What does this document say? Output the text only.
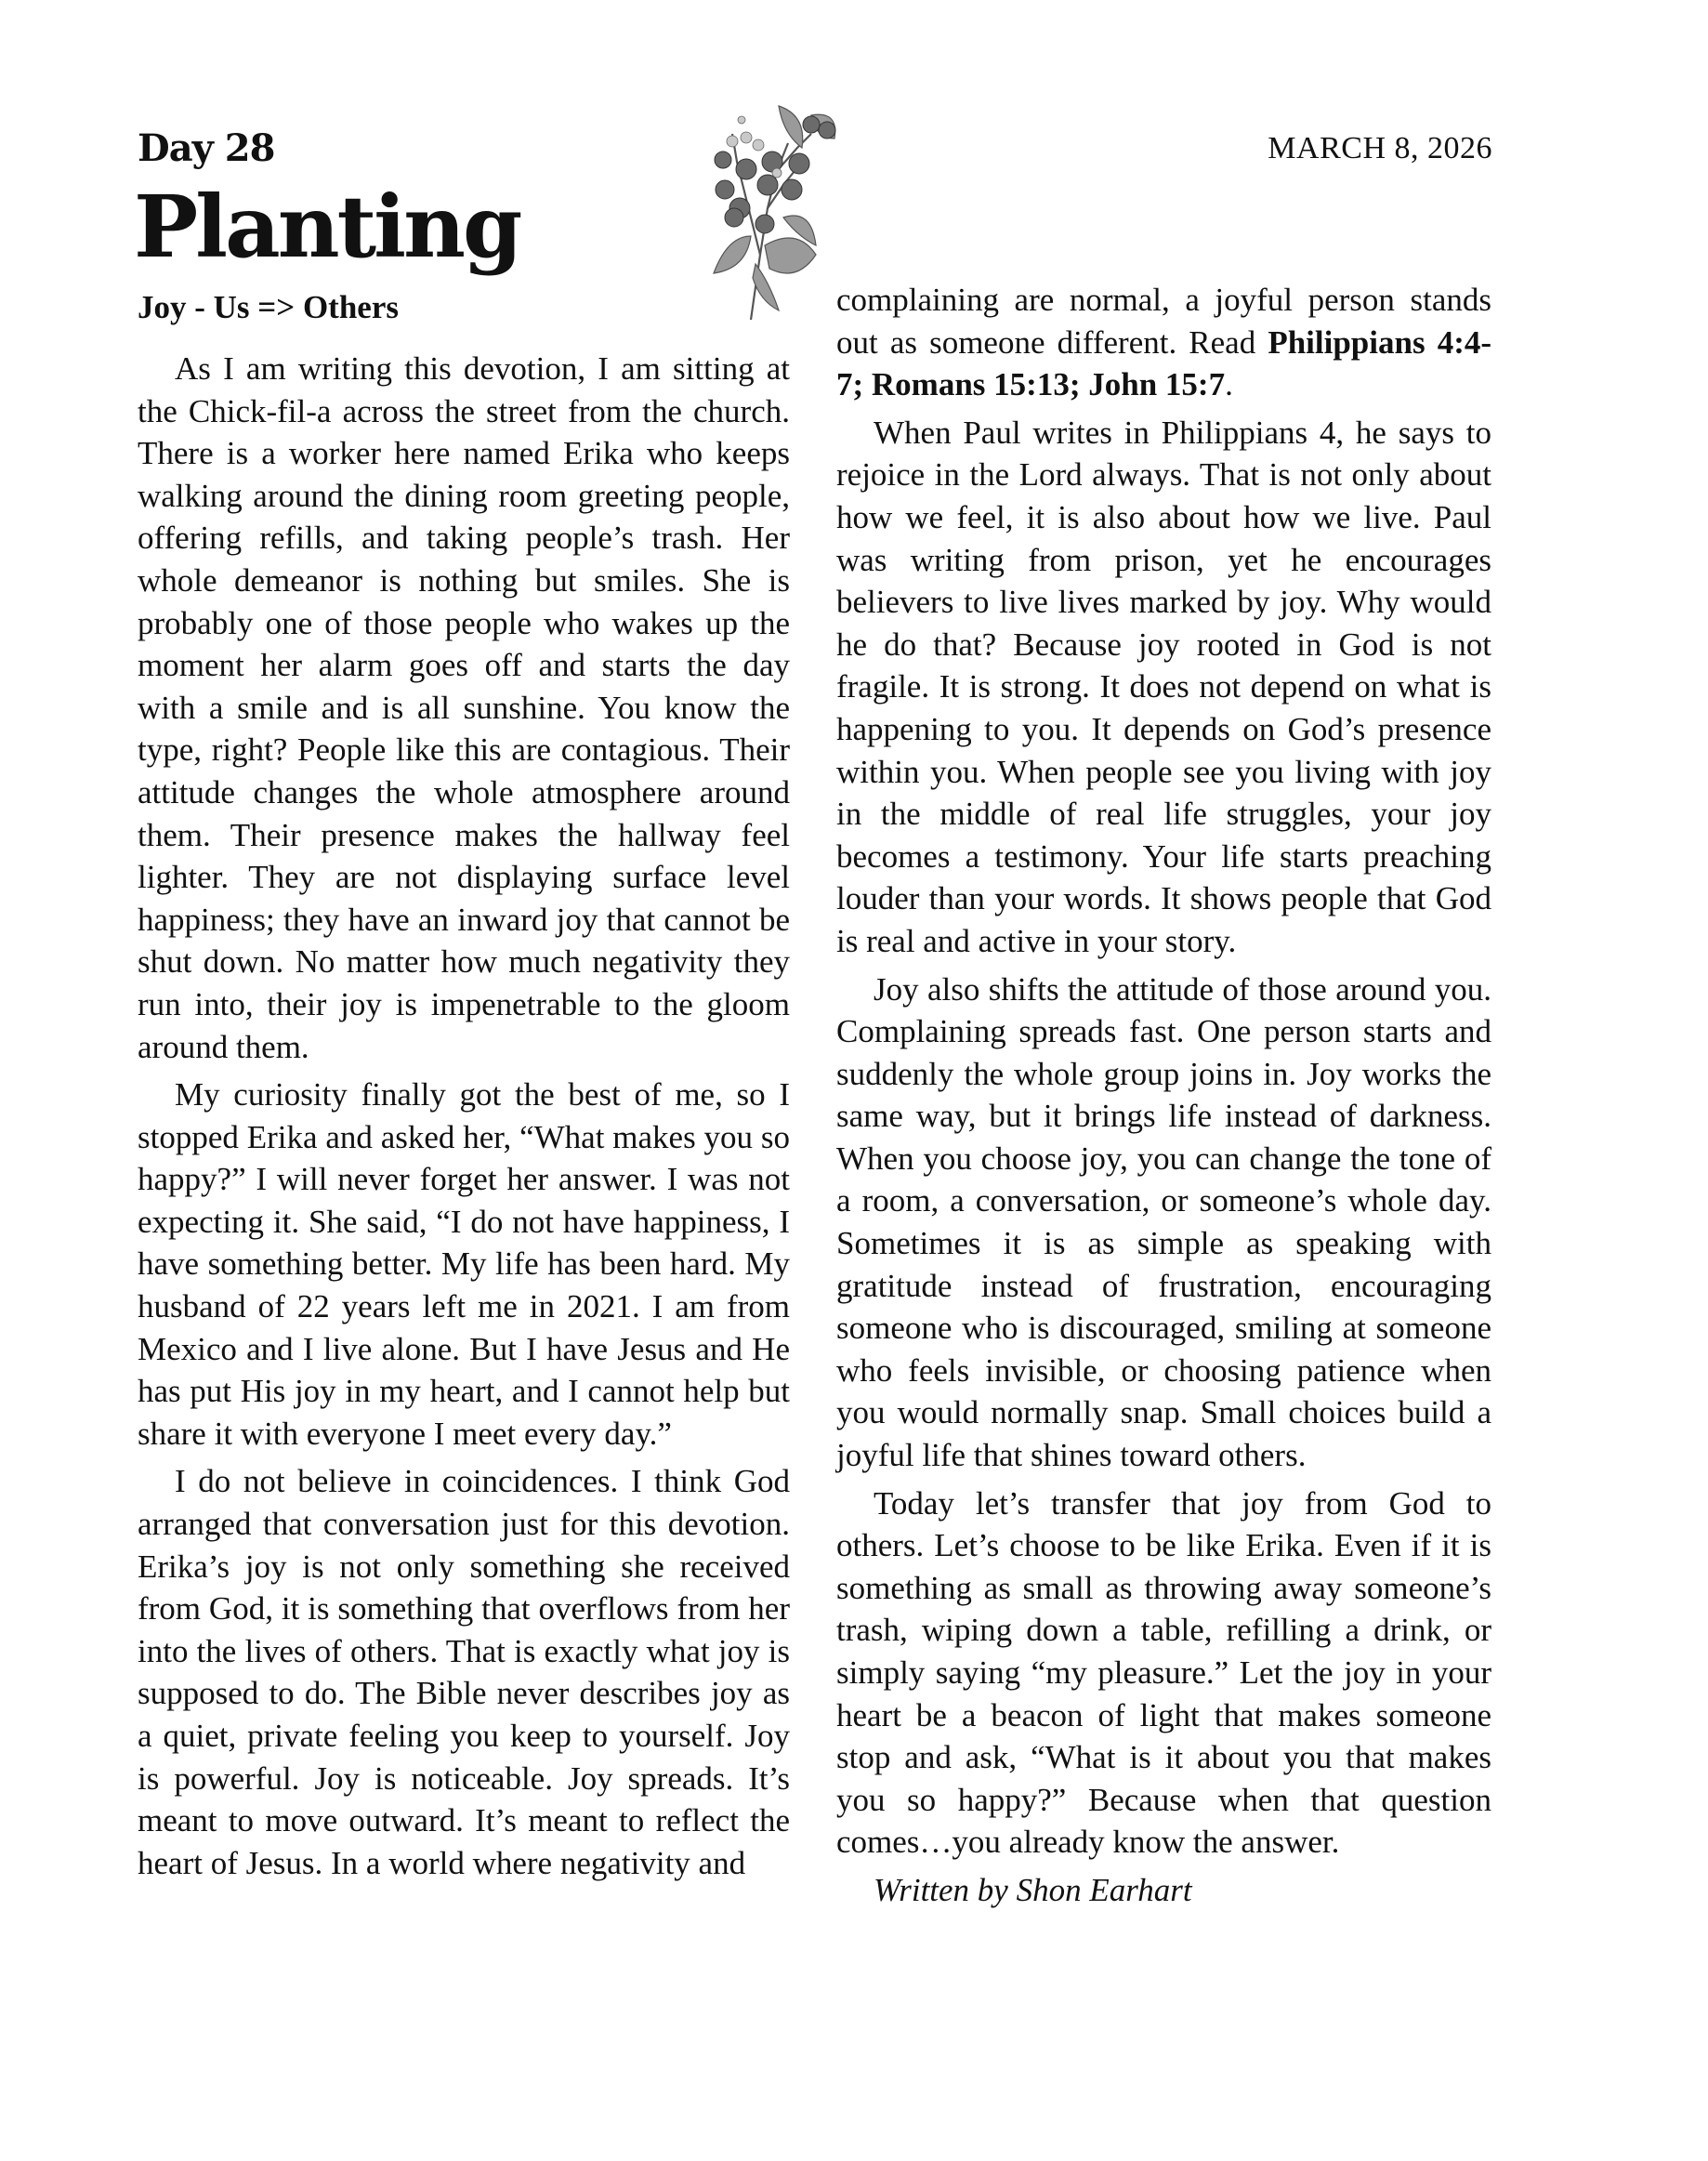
Day 28
Planting
Joy - Us => Others
MARCH 8, 2026

As I am writing this devotion, I am sitting at the Chick-fil-a across the street from the church. There is a worker here named Erika who keeps walking around the dining room greeting people, offering refills, and taking people’s trash. Her whole demeanor is nothing but smiles. She is probably one of those people who wakes up the moment her alarm goes off and starts the day with a smile and is all sunshine. You know the type, right? People like this are contagious. Their attitude changes the whole atmosphere around them. Their presence makes the hallway feel lighter. They are not displaying surface level happiness; they have an inward joy that cannot be shut down. No matter how much negativity they run into, their joy is impenetrable to the gloom around them.

My curiosity finally got the best of me, so I stopped Erika and asked her, “What makes you so happy?” I will never forget her answer. I was not expecting it. She said, “I do not have happiness, I have something better. My life has been hard. My husband of 22 years left me in 2021. I am from Mexico and I live alone. But I have Jesus and He has put His joy in my heart, and I cannot help but share it with everyone I meet every day.”

I do not believe in coincidences. I think God arranged that conversation just for this devotion. Erika’s joy is not only something she received from God, it is something that overflows from her into the lives of others. That is exactly what joy is supposed to do. The Bible never describes joy as a quiet, private feeling you keep to yourself. Joy is powerful. Joy is noticeable. Joy spreads. It’s meant to move outward. It’s meant to reflect the heart of Jesus. In a world where negativity and

complaining are normal, a joyful person stands out as someone different. Read Philippians 4:4-7; Romans 15:13; John 15:7.

When Paul writes in Philippians 4, he says to rejoice in the Lord always. That is not only about how we feel, it is also about how we live. Paul was writing from prison, yet he encourages believers to live lives marked by joy. Why would he do that? Because joy rooted in God is not fragile. It is strong. It does not depend on what is happening to you. It depends on God’s presence within you. When people see you living with joy in the middle of real life struggles, your joy becomes a testimony. Your life starts preaching louder than your words. It shows people that God is real and active in your story.

Joy also shifts the attitude of those around you. Complaining spreads fast. One person starts and suddenly the whole group joins in. Joy works the same way, but it brings life instead of darkness. When you choose joy, you can change the tone of a room, a conversation, or someone’s whole day. Sometimes it is as simple as speaking with gratitude instead of frustration, encouraging someone who is discouraged, smiling at someone who feels invisible, or choosing patience when you would normally snap. Small choices build a joyful life that shines toward others.

Today let’s transfer that joy from God to others. Let’s choose to be like Erika. Even if it is something as small as throwing away someone’s trash, wiping down a table, refilling a drink, or simply saying “my pleasure.” Let the joy in your heart be a beacon of light that makes someone stop and ask, “What is it about you that makes you so happy?” Because when that question comes…you already know the answer.

Written by Shon Earhart
